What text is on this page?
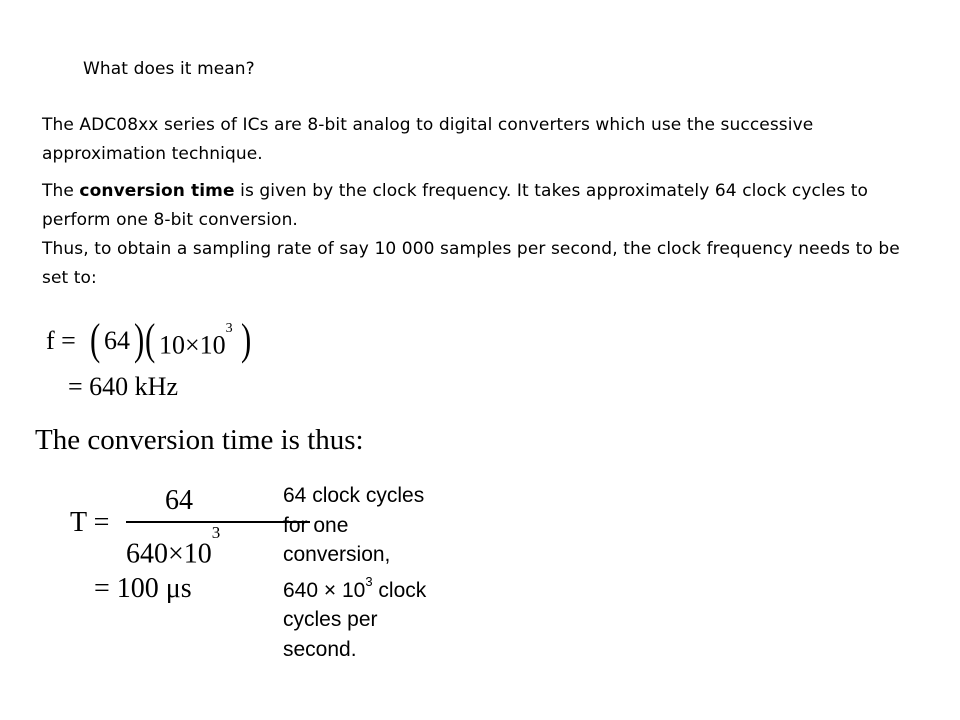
What does it mean?
The ADC08xx series of ICs are 8-bit analog to digital converters which use the successive approximation technique.

The conversion time is given by the clock frequency. It takes approximately 64 clock cycles to perform one 8-bit conversion.

Thus, to obtain a sampling rate of say 10 000 samples per second, the clock frequency needs to be set to:

f = ( 64 ) ( $10\times 10^3$ )
= 640 kHz
The conversion time is thus:
T =
64
$640\times 10^3$
= 100 μs
64 clock cycles
for one
conversion,
$640 \times 10^3$ clock
cycles per
second.
